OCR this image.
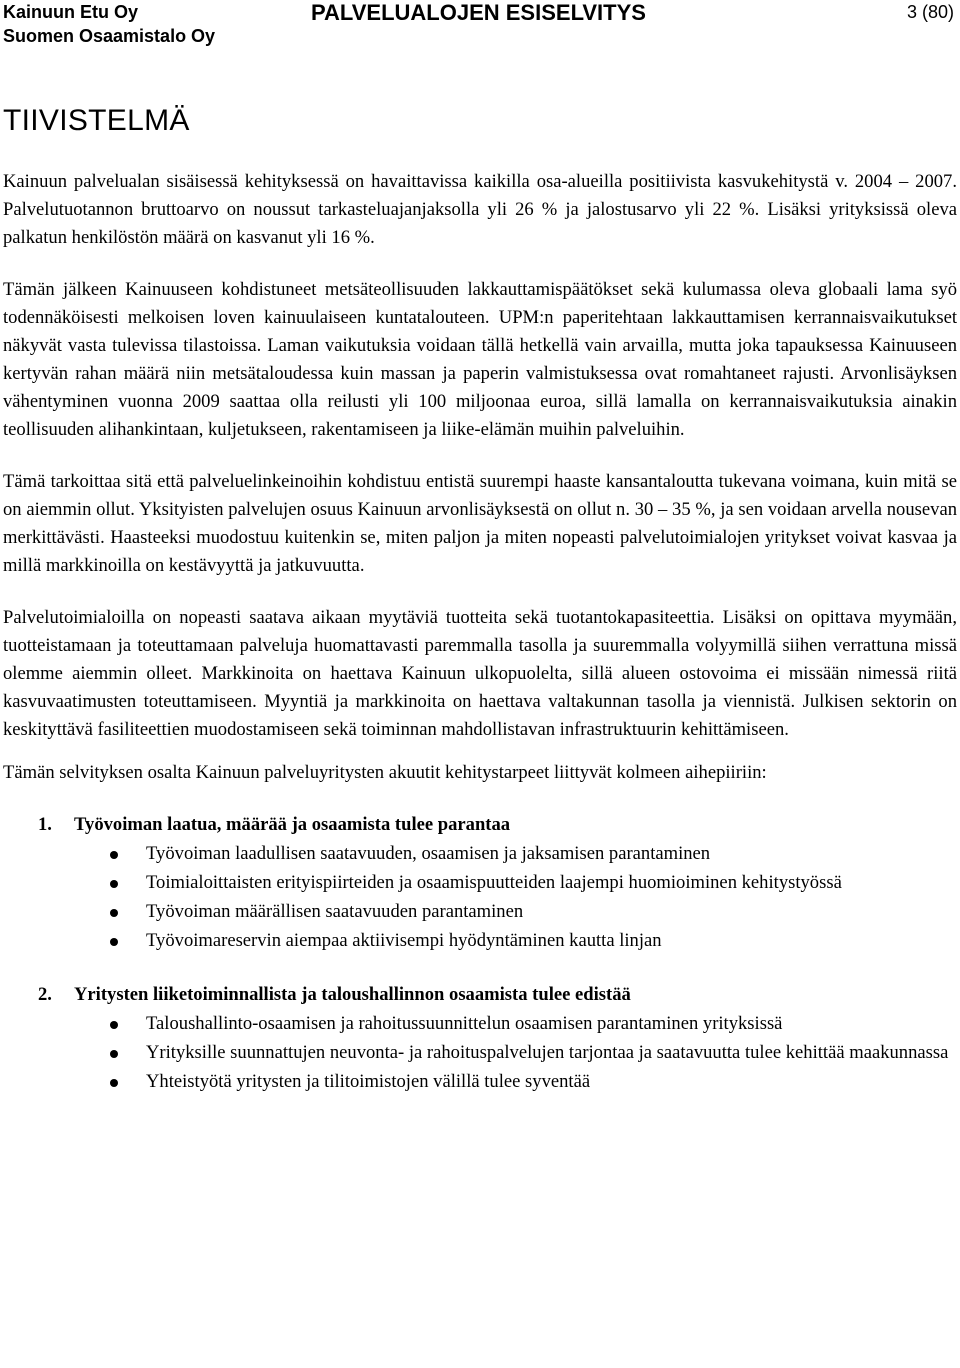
Kainuun Etu Oy
Suomen Osaamistalo Oy
PALVELUALOJEN ESISELVITYS	3 (80)
TIIVISTELMÄ

Kainuun palvelualan sisäisessä kehityksessä on havaittavissa kaikilla osa-alueilla positiivista kasvukehitystä v. 2004 – 2007. Palvelutuotannon bruttoarvo on noussut tarkasteluajanjaksolla yli 26 % ja jalostusarvo yli 22 %. Lisäksi yrityksissä oleva palkatun henkilöstön määrä on kasvanut yli 16 %.

Tämän jälkeen Kainuuseen kohdistuneet metsäteollisuuden lakkauttamispäätökset sekä kulumassa oleva globaali lama syö todennäköisesti melkoisen loven kainuulaiseen kuntatalouteen. UPM:n paperitehtaan lakkauttamisen kerrannaisvaikutukset näkyvät vasta tulevissa tilastoissa. Laman vaikutuksia voidaan tällä hetkellä vain arvailla, mutta joka tapauksessa Kainuuseen kertyvän rahan määrä niin metsätaloudessa kuin massan ja paperin valmistuksessa ovat romahtaneet rajusti. Arvonlisäyksen vähentyminen vuonna 2009 saattaa olla reilusti yli 100 miljoonaa euroa, sillä lamalla on kerrannaisvaikutuksia ainakin teollisuuden alihankintaan, kuljetukseen, rakentamiseen ja liike-elämän muihin palveluihin.

Tämä tarkoittaa sitä että palveluelinkeinoihin kohdistuu entistä suurempi haaste kansantaloutta tukevana voimana, kuin mitä se on aiemmin ollut. Yksityisten palvelujen osuus Kainuun arvonlisäyksestä on ollut n. 30 – 35 %, ja sen voidaan arvella nousevan merkittävästi. Haasteeksi muodostuu kuitenkin se, miten paljon ja miten nopeasti palvelutoimialojen yritykset voivat kasvaa ja millä markkinoilla on kestävyyttä ja jatkuvuutta.

Palvelutoimialoilla on nopeasti saatava aikaan myytäviä tuotteita sekä tuotantokapasiteettia. Lisäksi on opittava myymään, tuotteistamaan ja toteuttamaan palveluja huomattavasti paremmalla tasolla ja suuremmalla volyymillä siihen verrattuna missä olemme aiemmin olleet. Markkinoita on haettava Kainuun ulkopuolelta, sillä alueen ostovoima ei missään nimessä riitä kasvuvaatimusten toteuttamiseen. Myyntiä ja markkinoita on haettava valtakunnan tasolla ja viennistä. Julkisen sektorin on keskityttävä fasiliteettien muodostamiseen sekä toiminnan mahdollistavan infrastruktuurin kehittämiseen.

Tämän selvityksen osalta Kainuun palveluyritysten akuutit kehitystarpeet liittyvät kolmeen aihepiiriin:

1. Työvoiman laatua, määrää ja osaamista tulee parantaa
Työvoiman laadullisen saatavuuden, osaamisen ja jaksamisen parantaminen
Toimialoittaisten erityispiirteiden ja osaamispuutteiden laajempi huomioiminen kehitystyössä
Työvoiman määrällisen saatavuuden parantaminen
Työvoimareservin aiempaa aktiivisempi hyödyntäminen kautta linjan
2. Yritysten liiketoiminnallista ja taloushallinnon osaamista tulee edistää
Taloushallinto-osaamisen ja rahoitussuunnittelun osaamisen parantaminen yrityksissä
Yrityksille suunnattujen neuvonta- ja rahoituspalvelujen tarjontaa ja saatavuutta tulee kehittää maakunnassa
Yhteistyötä yritysten ja tilitoimistojen välillä tulee syventää
